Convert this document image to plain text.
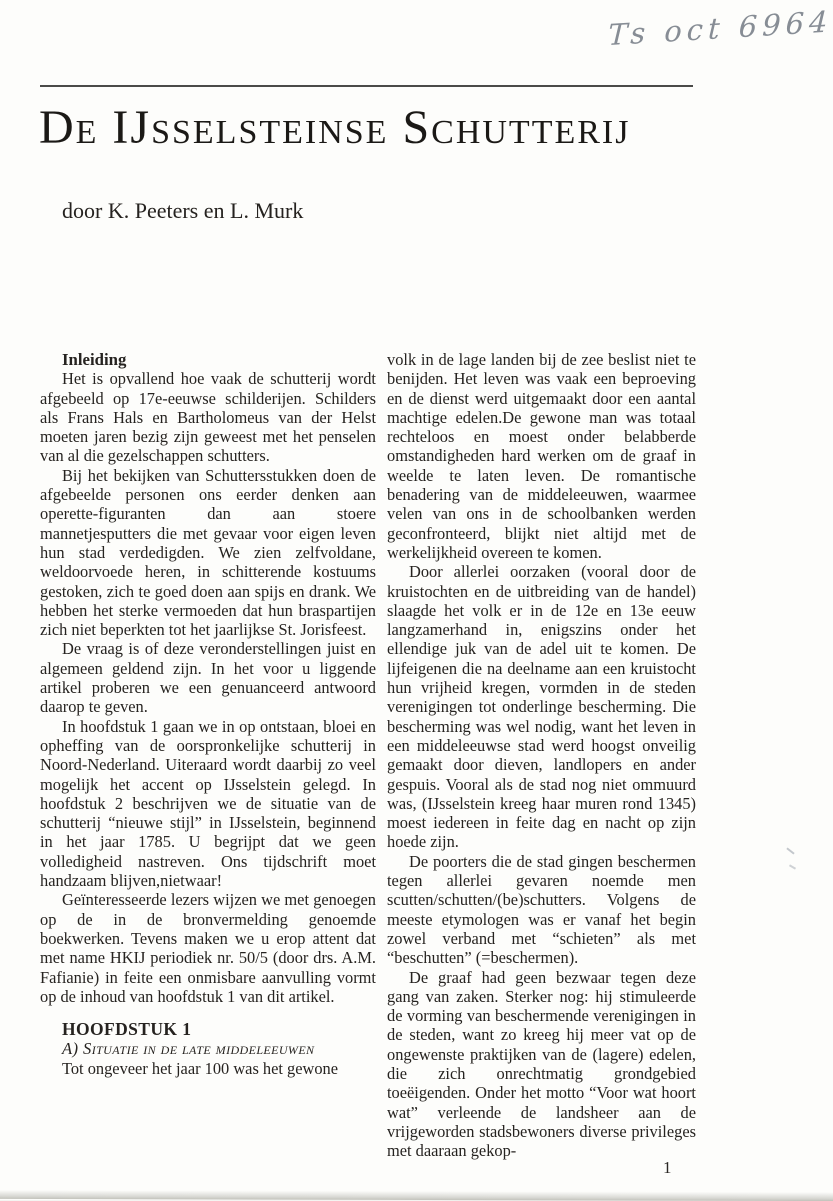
Ts oct 6964
De IJsselsteinse Schutterij
door K. Peeters en L. Murk
Inleiding

Het is opvallend hoe vaak de schutterij wordt afgebeeld op 17e-eeuwse schilderijen. Schilders als Frans Hals en Bartholomeus van der Helst moeten jaren bezig zijn geweest met het penselen van al die gezelschappen schutters.

Bij het bekijken van Schuttersstukken doen de afgebeelde personen ons eerder denken aan operette-figuranten dan aan stoere mannetjesputters die met gevaar voor eigen leven hun stad verdedigden. We zien zelfvoldane, weldoorvoede heren, in schitterende kostuums gestoken, zich te goed doen aan spijs en drank. We hebben het sterke vermoeden dat hun braspartijen zich niet beperkten tot het jaarlijkse St. Jorisfeest.

De vraag is of deze veronderstellingen juist en algemeen geldend zijn. In het voor u liggende artikel proberen we een genuanceerd antwoord daarop te geven.

In hoofdstuk 1 gaan we in op ontstaan, bloei en opheffing van de oorspronkelijke schutterij in Noord-Nederland. Uiteraard wordt daarbij zo veel mogelijk het accent op IJsselstein gelegd. In hoofdstuk 2 beschrijven we de situatie van de schutterij “nieuwe stijl” in IJsselstein, beginnend in het jaar 1785. U begrijpt dat we geen volledigheid nastreven. Ons tijdschrift moet handzaam blijven,nietwaar!

Geïnteresseerde lezers wijzen we met genoegen op de in de bronvermelding genoemde boekwerken. Tevens maken we u erop attent dat met name HKIJ periodiek nr. 50/5 (door drs. A.M. Fafianie) in feite een onmisbare aanvulling vormt op de inhoud van hoofdstuk 1 van dit artikel.

HOOFDSTUK 1
A) Situatie in de late middeleeuwen

Tot ongeveer het jaar 100 was het gewone

volk in de lage landen bij de zee beslist niet te benijden. Het leven was vaak een beproeving en de dienst werd uitgemaakt door een aantal machtige edelen.De gewone man was totaal rechteloos en moest onder belabberde omstandigheden hard werken om de graaf in weelde te laten leven. De romantische benadering van de middeleeuwen, waarmee velen van ons in de schoolbanken werden geconfronteerd, blijkt niet altijd met de werkelijkheid overeen te komen.

Door allerlei oorzaken (vooral door de kruistochten en de uitbreiding van de handel) slaagde het volk er in de 12e en 13e eeuw langzamerhand in, enigszins onder het ellendige juk van de adel uit te komen. De lijfeigenen die na deelname aan een kruistocht hun vrijheid kregen, vormden in de steden verenigingen tot onderlinge bescherming. Die bescherming was wel nodig, want het leven in een middeleeuwse stad werd hoogst onveilig gemaakt door dieven, landlopers en ander gespuis. Vooral als de stad nog niet ommuurd was, (IJsselstein kreeg haar muren rond 1345) moest iedereen in feite dag en nacht op zijn hoede zijn.

De poorters die de stad gingen beschermen tegen allerlei gevaren noemde men scutten/schutten/(be)schutters. Volgens de meeste etymologen was er vanaf het begin zowel verband met “schieten” als met “beschutten” (=beschermen).

De graaf had geen bezwaar tegen deze gang van zaken. Sterker nog: hij stimuleerde de vorming van beschermende verenigingen in de steden, want zo kreeg hij meer vat op de ongewenste praktijken van de (lagere) edelen, die zich onrechtmatig grondgebied toeëigenden. Onder het motto “Voor wat hoort wat” verleende de landsheer aan de vrijgeworden stadsbewoners diverse privileges met daaraan gekop-

1
